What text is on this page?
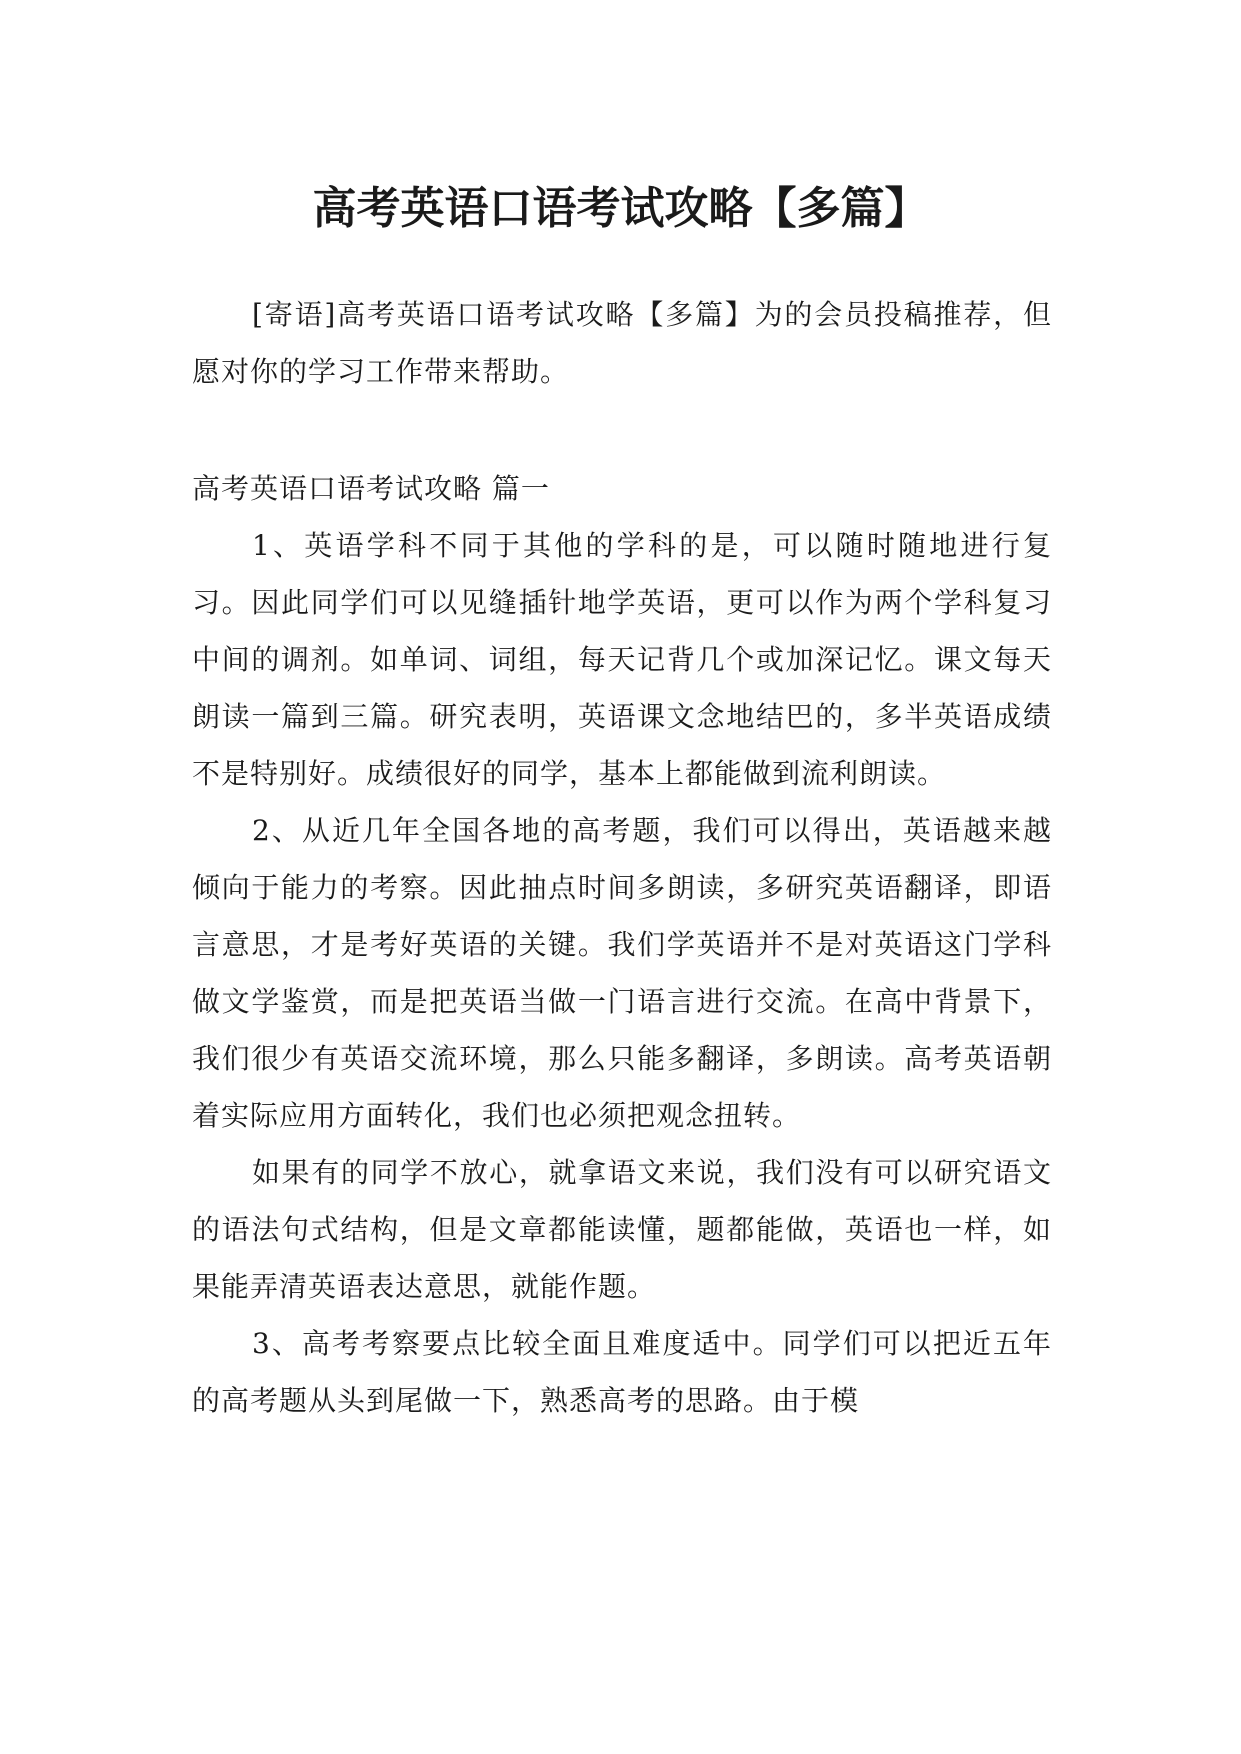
高考英语口语考试攻略【多篇】

[寄语]高考英语口语考试攻略【多篇】为的会员投稿推荐，但愿对你的学习工作带来帮助。

高考英语口语考试攻略 篇一

1、英语学科不同于其他的学科的是，可以随时随地进行复习。因此同学们可以见缝插针地学英语，更可以作为两个学科复习中间的调剂。如单词、词组，每天记背几个或加深记忆。课文每天朗读一篇到三篇。研究表明，英语课文念地结巴的，多半英语成绩不是特别好。成绩很好的同学，基本上都能做到流利朗读。

2、从近几年全国各地的高考题，我们可以得出，英语越来越倾向于能力的考察。因此抽点时间多朗读，多研究英语翻译，即语言意思，才是考好英语的关键。我们学英语并不是对英语这门学科做文学鉴赏，而是把英语当做一门语言进行交流。在高中背景下，我们很少有英语交流环境，那么只能多翻译，多朗读。高考英语朝着实际应用方面转化，我们也必须把观念扭转。

如果有的同学不放心，就拿语文来说，我们没有可以研究语文的语法句式结构，但是文章都能读懂，题都能做，英语也一样，如果能弄清英语表达意思，就能作题。

3、高考考察要点比较全面且难度适中。同学们可以把近五年的高考题从头到尾做一下，熟悉高考的思路。由于模
